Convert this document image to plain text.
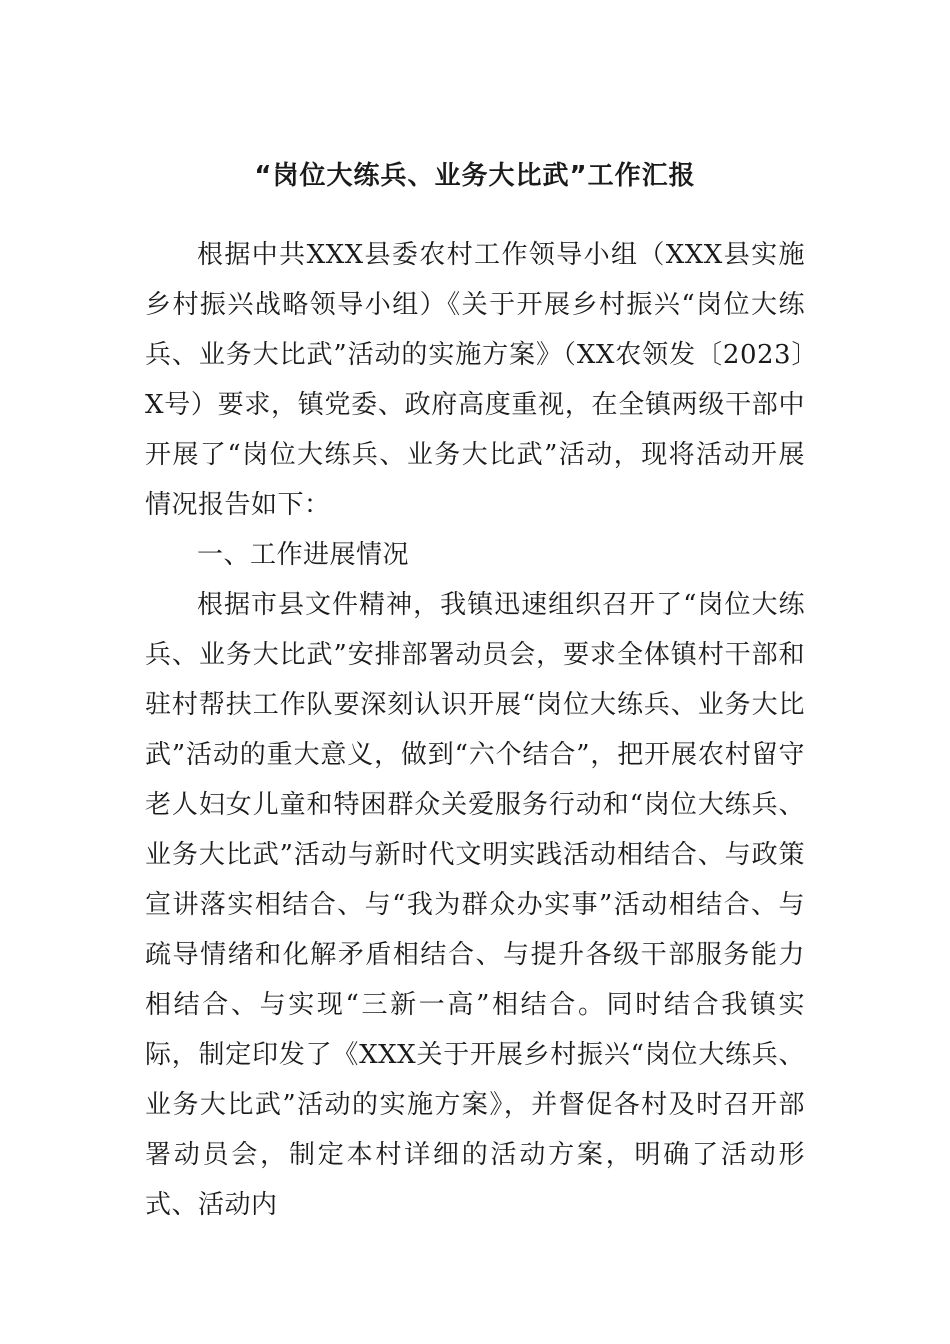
“岗位大练兵、业务大比武”工作汇报

根据中共XXX县委农村工作领导小组（XXX县实施乡村振兴战略领导小组）《关于开展乡村振兴“岗位大练兵、业务大比武”活动的实施方案》（XX农领发〔2023〕X号）要求，镇党委、政府高度重视，在全镇两级干部中开展了“岗位大练兵、业务大比武”活动，现将活动开展情况报告如下：

一、工作进展情况

根据市县文件精神，我镇迅速组织召开了“岗位大练兵、业务大比武”安排部署动员会，要求全体镇村干部和驻村帮扶工作队要深刻认识开展“岗位大练兵、业务大比武”活动的重大意义，做到“六个结合”，把开展农村留守老人妇女儿童和特困群众关爱服务行动和“岗位大练兵、业务大比武”活动与新时代文明实践活动相结合、与政策宣讲落实相结合、与“我为群众办实事”活动相结合、与疏导情绪和化解矛盾相结合、与提升各级干部服务能力相结合、与实现“三新一高”相结合。同时结合我镇实际，制定印发了《XXX关于开展乡村振兴“岗位大练兵、业务大比武”活动的实施方案》，并督促各村及时召开部署动员会，制定本村详细的活动方案，明确了活动形式、活动内
